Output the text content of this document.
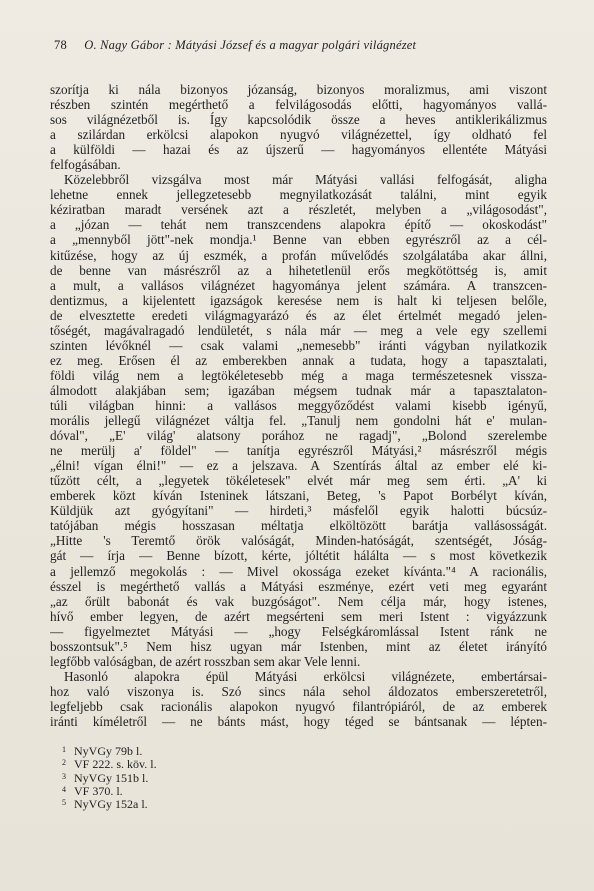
78 O. Nagy Gábor : Mátyási József és a magyar polgári világnézet
szorítja ki nála bizonyos józanság, bizonyos moralizmus, ami viszont
részben szintén megérthető a felvilágosodás előtti, hagyományos vallá-
sos világnézetből is. Így kapcsolódik össze a heves antiklerikálizmus
a szilárdan erkölcsi alapokon nyugvó világnézettel, így oldható fel
a külföldi — hazai és az újszerű — hagyományos ellentéte Mátyási
felfogásában.
Közelebbről vizsgálva most már Mátyási vallási felfogását, aligha
lehetne ennek jellegzetesebb megnyilatkozását találni, mint egyik
kéziratban maradt versének azt a részletét, melyben a „világosodást",
a „józan — tehát nem transzcendens alapokra építő — okoskodást"
a „mennyből jött"-nek mondja.¹ Benne van ebben egyrészről az a cél-
kitűzése, hogy az új eszmék, a profán művelődés szolgálatába akar állni,
de benne van másrészről az a hihetetlenül erős megkötöttség is, amit
a mult, a vallásos világnézet hagyománya jelent számára. A transzcen-
dentizmus, a kijelentett igazságok keresése nem is halt ki teljesen belőle,
de elvesztette eredeti világmagyarázó és az élet értelmét megadó jelen-
tőségét, magávalragadó lendületét, s nála már — meg a vele egy szellemi
szinten lévőknél — csak valami „nemesebb" iránti vágyban nyilatkozik
ez meg. Erősen él az emberekben annak a tudata, hogy a tapasztalati,
földi világ nem a legtökéletesebb még a maga természetesnek vissza-
álmodott alakjában sem; igazában mégsem tudnak már a tapasztalaton-
túli világban hinni: a vallásos meggyőződést valami kisebb igényű,
morális jellegű világnézet váltja fel. „Tanulj nem gondolni hát e' mulan-
dóval", „E' világ' alatsony porához ne ragadj", „Bolond szerelembe
ne merülj a' földel" — tanítja egyrészről Mátyási,² másrészről mégis
„élni! vígan élni!" — ez a jelszava. A Szentírás által az ember elé ki-
tűzött célt, a „legyetek tökéletesek" elvét már meg sem érti. „A' ki
emberek közt kíván Isteninek látszani, Beteg, 's Papot Borbélyt kíván,
Küldjük azt gyógyítani" — hirdeti,³ másfelől egyik halotti búcsúz-
tatójában mégis hosszasan méltatja elköltözött barátja vallásosságát.
„Hitte 's Teremtő örök valóságát, Minden-hatóságát, szentségét, Jóság-
gát — írja — Benne bízott, kérte, jóltétit hálálta — s most következik
a jellemző megokolás : — Mivel okossága ezeket kívánta."⁴ A racionális,
ésszel is megérthető vallás a Mátyási eszménye, ezért veti meg egyaránt
„az őrült babonát és vak buzgóságot". Nem célja már, hogy istenes,
hívő ember legyen, de azért megsérteni sem meri Istent : vigyázzunk
— figyelmeztet Mátyási — „hogy Felségkáromlással Istent ránk ne
bosszontsuk".⁵ Nem hisz ugyan már Istenben, mint az életet irányító
legfőbb valóságban, de azért rosszban sem akar Vele lenni.
Hasonló alapokra épül Mátyási erkölcsi világnézete, embertársai-
hoz való viszonya is. Szó sincs nála sehol áldozatos emberszeretetről,
legfeljebb csak racionális alapokon nyugvó filantrópiáról, de az emberek
iránti kíméletről — ne bánts mást, hogy téged se bántsanak — lépten-
1 NyVGy 79b l.
2 VF 222. s. köv. l.
3 NyVGy 151b l.
4 VF 370. l.
5 NyVGy 152a l.
